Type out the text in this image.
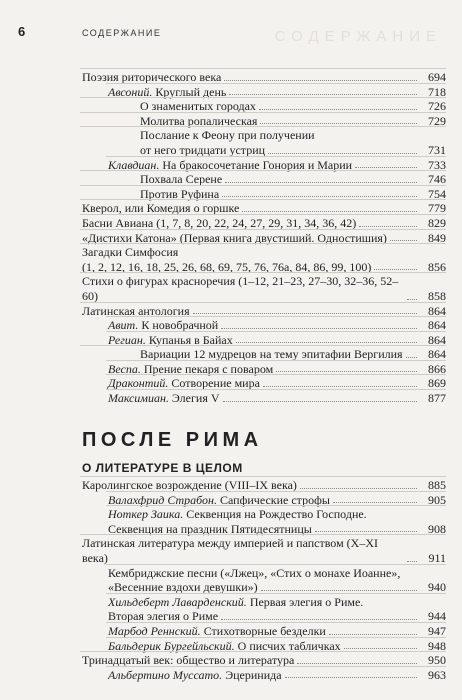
СОДЕРЖАНИЕ
6	СОДЕРЖАНИЕ
Поэзия риторического века	694
Авсоний. Круглый день	718
О знаменитых городах	726
Молитва ропалическая	729
Послание к Феону при получении
от него тридцати устриц	731
Клавдиан. На бракосочетание Гонория и Марии	733
Похвала Серене	746
Против Руфина	754
Кверол, или Комедия о горшке	779
Басни Авиана (1, 7, 8, 20, 22, 24, 27, 29, 31, 34, 36, 42)	829
«Дистихи Катона» (Первая книга двустиший. Одностишия)	849
Загадки Симфосия
(1, 2, 12, 16, 18, 25, 26, 68, 69, 75, 76, 76а, 84, 86, 99, 100)	856
Стихи о фигурах красноречия (1–12, 21–23, 27–30, 32–36, 52–60)	858
Латинская антология	864
Авит. К новобрачной	864
Региан. Купанья в Байах	864
Вариации 12 мудрецов на тему эпитафии Вергилия	864
Веспа. Прение пекаря с поваром	866
Драконтий. Сотворение мира	869
Максимиан. Элегия V	877
ПОСЛЕ РИМА
О ЛИТЕРАТУРЕ В ЦЕЛОМ
Каролингское возрождение (VIII–IX века)	885
Валахфрид Страбон. Сапфические строфы	905
Ноткер Заика. Секвенция на Рождество Господне.
Секвенция на праздник Пятидесятницы	908
Латинская литература между империей и папством (X–XI века)	911
Кембриджские песни («Лжец», «Стих о монахе Иоанне»,
«Весенние вздохи девушки»)	940
Хильдеберт Лаварденский. Первая элегия о Риме.
Вторая элегия о Риме	944
Марбод Реннский. Стихотворные безделки	947
Бальдерик Бургейльский. О писчих табличках	948
Тринадцатый век: общество и литература	950
Альбертино Муссато. Эцеринида	963
